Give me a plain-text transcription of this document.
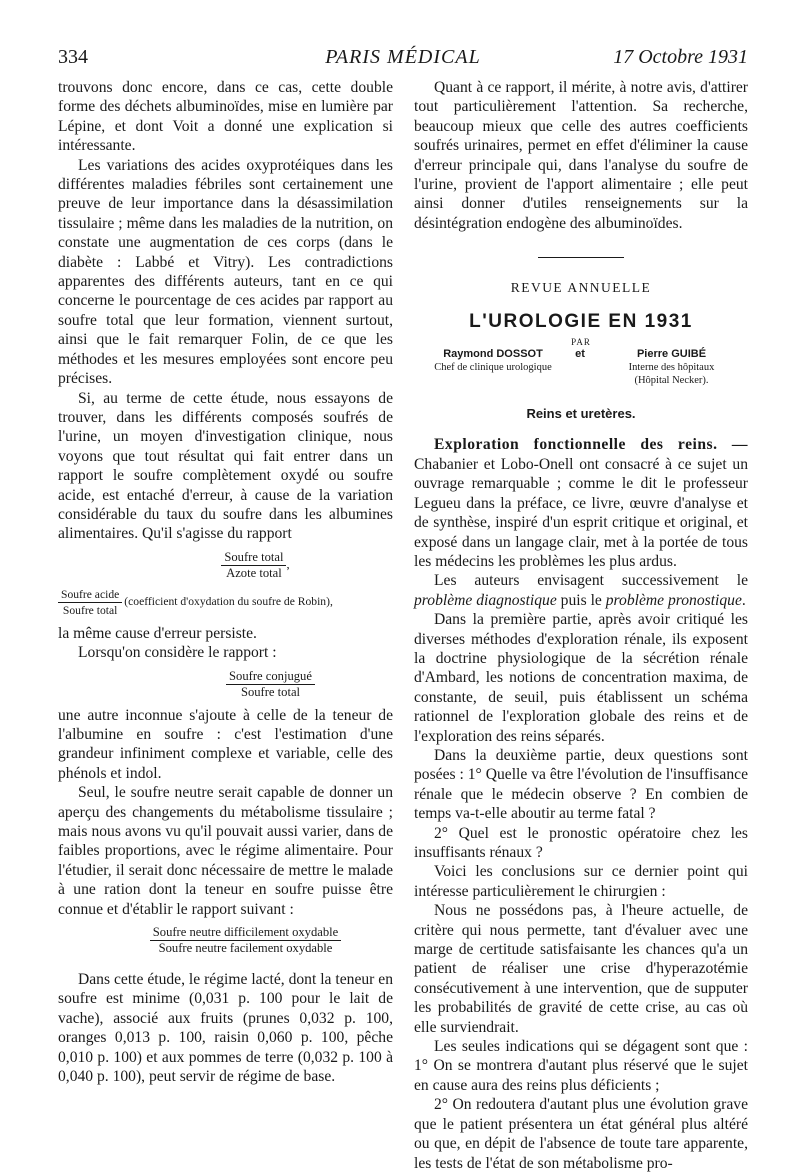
334	PARIS MÉDICAL	17 Octobre 1931

trouvons donc encore, dans ce cas, cette double forme des déchets albuminoïdes, mise en lumière par Lépine, et dont Voit a donné une explication si intéressante.

Les variations des acides oxyprotéiques dans les différentes maladies fébriles sont certainement une preuve de leur importance dans la désassimilation tissulaire ; même dans les maladies de la nutrition, on constate une augmentation de ces corps (dans le diabète : Labbé et Vitry). Les contradictions apparentes des différents auteurs, tant en ce qui concerne le pourcentage de ces acides par rapport au soufre total que leur formation, viennent surtout, ainsi que le fait remarquer Folin, de ce que les méthodes et les mesures employées sont encore peu précises.

Si, au terme de cette étude, nous essayons de trouver, dans les différents composés soufrés de l'urine, un moyen d'investigation clinique, nous voyons que tout résultat qui fait entrer dans un rapport le soufre complètement oxydé ou soufre acide, est entaché d'erreur, à cause de la variation considérable du taux du soufre dans les albumines alimentaires. Qu'il s'agisse du rapport

$\frac{\text{Soufre total}}{\text{Azote total}}$ ,
$\frac{\text{Soufre acide}}{\text{Soufre total}}$ (coefficient d'oxydation du soufre de Robin),

la même cause d'erreur persiste.

Lorsqu'on considère le rapport :

$\frac{\text{Soufre conjugué}}{\text{Soufre total}}$

une autre inconnue s'ajoute à celle de la teneur de l'albumine en soufre : c'est l'estimation d'une grandeur infiniment complexe et variable, celle des phénols et indol.

Seul, le soufre neutre serait capable de donner un aperçu des changements du métabolisme tissulaire ; mais nous avons vu qu'il pouvait aussi varier, dans de faibles proportions, avec le régime alimentaire. Pour l'étudier, il serait donc nécessaire de mettre le malade à une ration dont la teneur en soufre puisse être connue et d'établir le rapport suivant :

$\frac{\text{Soufre neutre difficilement oxydable}}{\text{Soufre neutre facilement oxydable}}$

Dans cette étude, le régime lacté, dont la teneur en soufre est minime (0,031 p. 100 pour le lait de vache), associé aux fruits (prunes 0,032 p. 100, oranges 0,013 p. 100, raisin 0,060 p. 100, pêche 0,010 p. 100) et aux pommes de terre (0,032 p. 100 à 0,040 p. 100), peut servir de régime de base.

Quant à ce rapport, il mérite, à notre avis, d'attirer tout particulièrement l'attention. Sa recherche, beaucoup mieux que celle des autres coefficients soufrés urinaires, permet en effet d'éliminer la cause d'erreur principale qui, dans l'analyse du soufre de l'urine, provient de l'apport alimentaire ; elle peut ainsi donner d'utiles renseignements sur la désintégration endogène des albuminoïdes.

REVUE ANNUELLE
L'UROLOGIE EN 1931
PAR
Raymond DOSSOT
Chef de clinique urologique
et	Pierre GUIBÉ
Interne des hôpitaux
(Hôpital Necker).
Reins et uretères.

Exploration fonctionnelle des reins. — Chabanier et Lobo-Onell ont consacré à ce sujet un ouvrage remarquable ; comme le dit le professeur Legueu dans la préface, ce livre, œuvre d'analyse et de synthèse, inspiré d'un esprit critique et original, et exposé dans un langage clair, met à la portée de tous les médecins les problèmes les plus ardus.

Les auteurs envisagent successivement le problème diagnostique puis le problème pronostique.

Dans la première partie, après avoir critiqué les diverses méthodes d'exploration rénale, ils exposent la doctrine physiologique de la sécrétion rénale d'Ambard, les notions de concentration maxima, de constante, de seuil, puis établissent un schéma rationnel de l'exploration globale des reins et de l'exploration des reins séparés.

Dans la deuxième partie, deux questions sont posées : 1° Quelle va être l'évolution de l'insuffisance rénale que le médecin observe ? En combien de temps va-t-elle aboutir au terme fatal ?

2° Quel est le pronostic opératoire chez les insuffisants rénaux ?

Voici les conclusions sur ce dernier point qui intéresse particulièrement le chirurgien :

Nous ne possédons pas, à l'heure actuelle, de critère qui nous permette, tant d'évaluer avec une marge de certitude satisfaisante les chances qu'a un patient de réaliser une crise d'hyperazotémie consécutivement à une intervention, que de supputer les probabilités de gravité de cette crise, au cas où elle surviendrait.

Les seules indications qui se dégagent sont que : 1° On se montrera d'autant plus réservé que le sujet en cause aura des reins plus déficients ;

2° On redoutera d'autant plus une évolution grave que le patient présentera un état général plus altéré ou que, en dépit de l'absence de toute tare apparente, les tests de l'état de son métabolisme pro-
